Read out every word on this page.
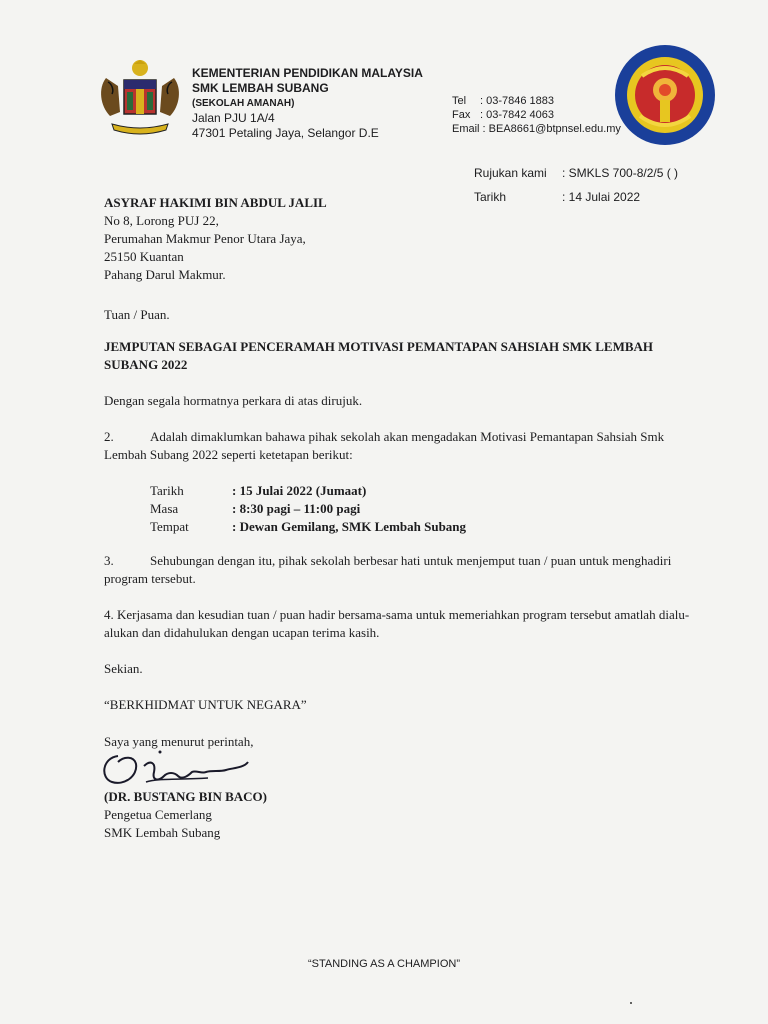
KEMENTERIAN PENDIDIKAN MALAYSIA
SMK LEMBAH SUBANG
(SEKOLAH AMANAH)
Jalan PJU 1A/4
47301 Petaling Jaya, Selangor D.E
Tel	: 03-7846 1883
Fax : 03-7842 4063
Email : BEA8661@btpnsel.edu.my
Rujukan kami	: SMKLS 700-8/2/5 ( )
Tarikh	: 14 Julai 2022
ASYRAF HAKIMI BIN ABDUL JALIL
No 8, Lorong PUJ 22,
Perumahan Makmur Penor Utara Jaya,
25150 Kuantan
Pahang Darul Makmur.
Tuan / Puan.
JEMPUTAN SEBAGAI PENCERAMAH MOTIVASI PEMANTAPAN SAHSIAH SMK LEMBAH SUBANG 2022
Dengan segala hormatnya perkara di atas dirujuk.
2.	Adalah dimaklumkan bahawa pihak sekolah akan mengadakan Motivasi Pemantapan Sahsiah Smk Lembah Subang 2022 seperti ketetapan berikut:
Tarikh	: 15 Julai 2022 (Jumaat)
Masa	: 8:30 pagi – 11:00 pagi
Tempat	: Dewan Gemilang, SMK Lembah Subang
3.	Sehubungan dengan itu, pihak sekolah berbesar hati untuk menjemput tuan / puan untuk menghadiri program tersebut.
4. Kerjasama dan kesudian tuan / puan hadir bersama-sama untuk memeriahkan program tersebut amatlah dialu-alukan dan didahulukan dengan ucapan terima kasih.
Sekian.
“BERKHIDMAT UNTUK NEGARA”
Saya yang menurut perintah,
(DR. BUSTANG BIN BACO)
Pengetua Cemerlang
SMK Lembah Subang
“STANDING AS A CHAMPION”
